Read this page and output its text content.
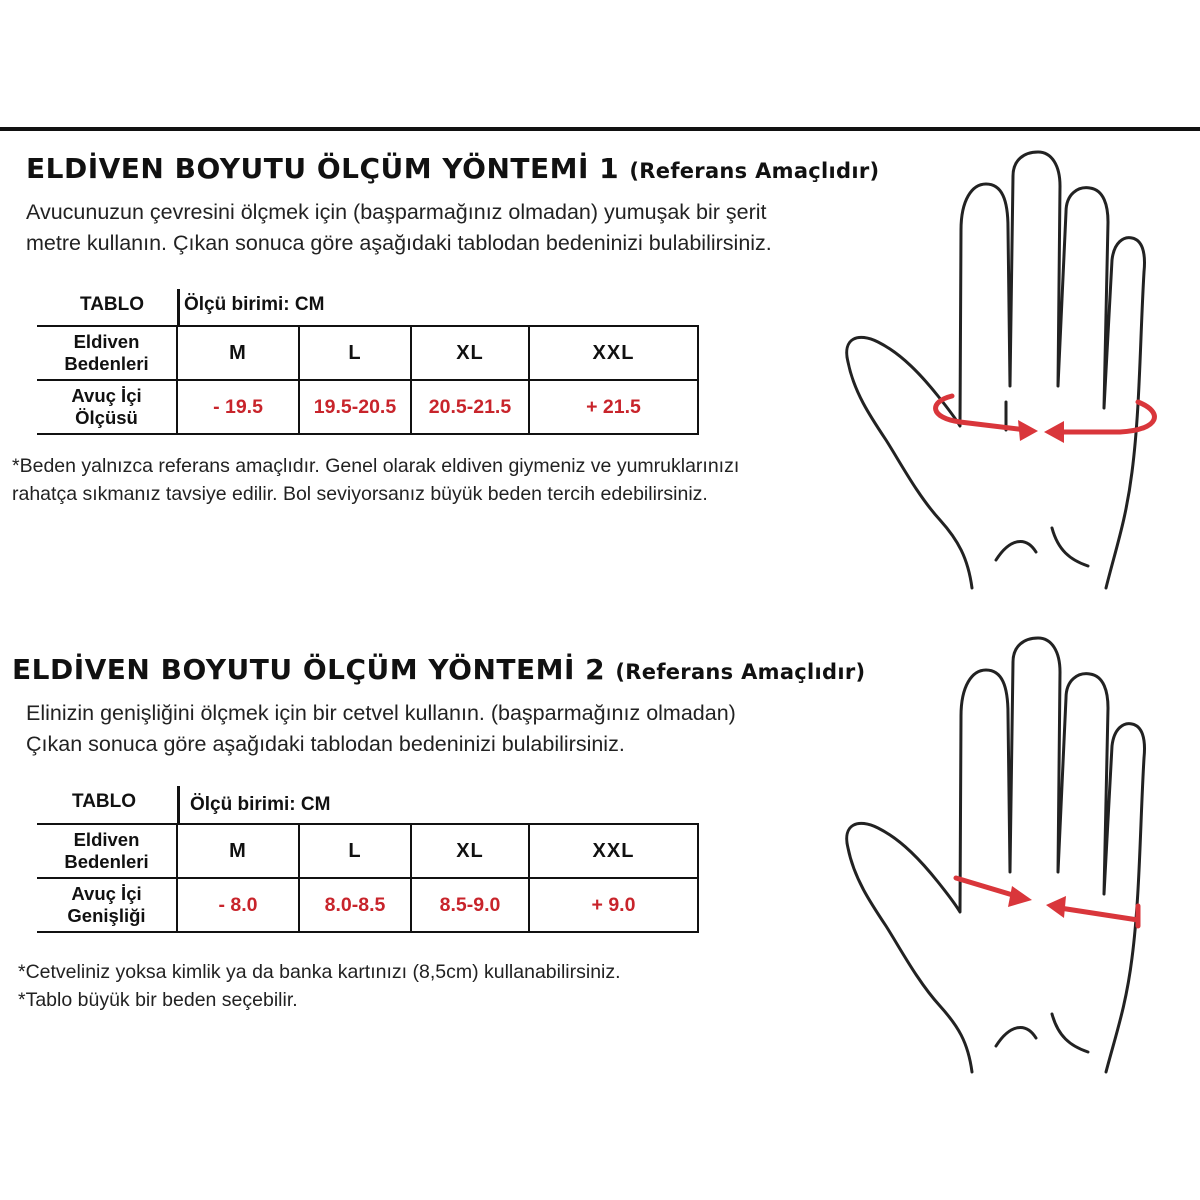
ELDİVEN BOYUTU ÖLÇÜM YÖNTEMİ 1 (Referans Amaçlıdır)
Avucunuzun çevresini ölçmek için (başparmağınız olmadan) yumuşak bir şerit
metre kullanın. Çıkan sonuca göre aşağıdaki tablodan bedeninizi bulabilirsiniz.
TABLO Ölçü birimi: CM
Eldiven
Bedenleri	M	L	XL	XXL

Avuç İçi
Ölçüsü	- 19.5	19.5-20.5	20.5-21.5	+ 21.5
*Beden yalnızca referans amaçlıdır. Genel olarak eldiven giymeniz ve yumruklarınızı
rahatça sıkmanız tavsiye edilir. Bol seviyorsanız büyük beden tercih edebilirsiniz.
ELDİVEN BOYUTU ÖLÇÜM YÖNTEMİ 2 (Referans Amaçlıdır)
Elinizin genişliğini ölçmek için bir cetvel kullanın. (başparmağınız olmadan)
Çıkan sonuca göre aşağıdaki tablodan bedeninizi bulabilirsiniz.
TABLO	Ölçü birimi: CM
Eldiven
Bedenleri	M	L	XL	XXL

Avuç İçi
Genişliği	- 8.0	8.0-8.5	8.5-9.0	+ 9.0
*Cetveliniz yoksa kimlik ya da banka kartınızı (8,5cm) kullanabilirsiniz.
*Tablo büyük bir beden seçebilir.
